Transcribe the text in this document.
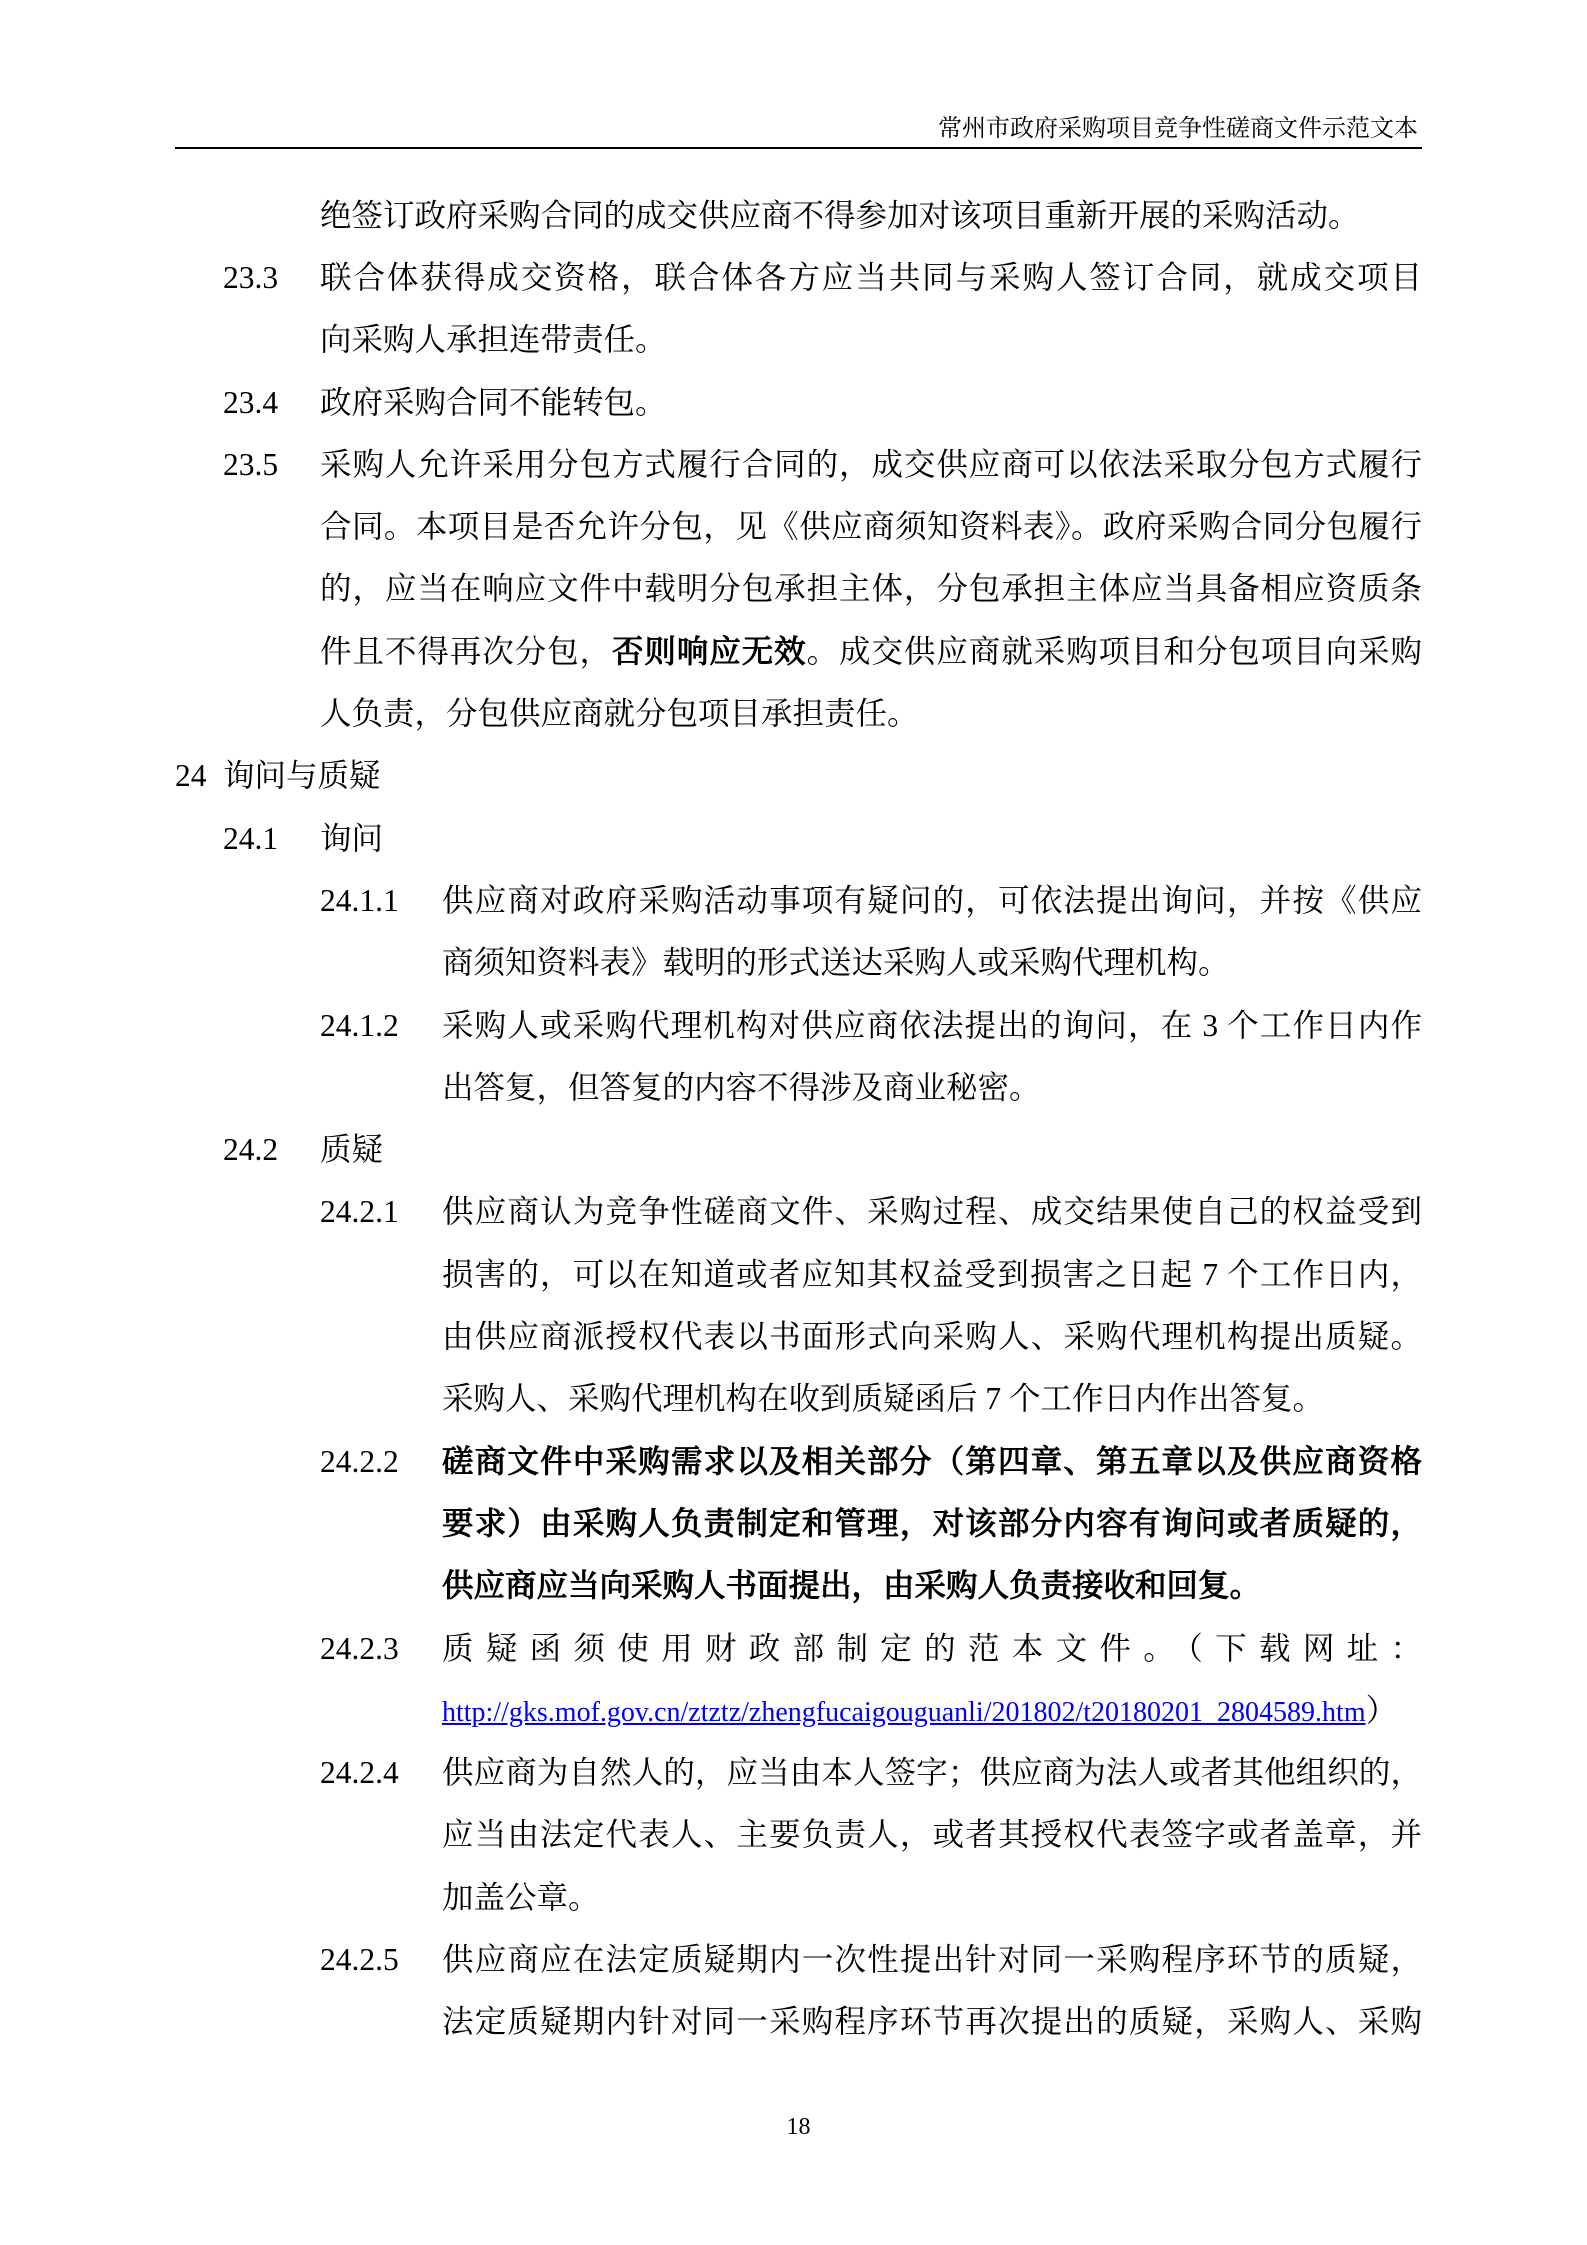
常州市政府采购项目竞争性磋商文件示范文本
绝签订政府采购合同的成交供应商不得参加对该项目重新开展的采购活动。
23.3 联合体获得成交资格，联合体各方应当共同与采购人签订合同，就成交项目
向采购人承担连带责任。
23.4 政府采购合同不能转包。
23.5 采购人允许采用分包方式履行合同的，成交供应商可以依法采取分包方式履行
合同。本项目是否允许分包，见《供应商须知资料表》。政府采购合同分包履行
的，应当在响应文件中载明分包承担主体，分包承担主体应当具备相应资质条
件且不得再次分包，否则响应无效。成交供应商就采购项目和分包项目向采购
人负责，分包供应商就分包项目承担责任。
24 询问与质疑
24.1 询问
24.1.1 供应商对政府采购活动事项有疑问的，可依法提出询问，并按《供应
商须知资料表》载明的形式送达采购人或采购代理机构。
24.1.2 采购人或采购代理机构对供应商依法提出的询问，在 3 个工作日内作
出答复，但答复的内容不得涉及商业秘密。
24.2 质疑
24.2.1 供应商认为竞争性磋商文件、采购过程、成交结果使自己的权益受到
损害的，可以在知道或者应知其权益受到损害之日起 7 个工作日内，
由供应商派授权代表以书面形式向采购人、采购代理机构提出质疑。
采购人、采购代理机构在收到质疑函后 7 个工作日内作出答复。
24.2.2 磋商文件中采购需求以及相关部分（第四章、第五章以及供应商资格
要求）由采购人负责制定和管理，对该部分内容有询问或者质疑的，
供应商应当向采购人书面提出，由采购人负责接收和回复。
24.2.3 质疑函须使用财政部制定的范本文件。（下载网址：
http://gks.mof.gov.cn/ztztz/zhengfucaigouguanli/201802/t20180201_2804589.htm）
24.2.4 供应商为自然人的，应当由本人签字；供应商为法人或者其他组织的，
应当由法定代表人、主要负责人，或者其授权代表签字或者盖章，并
加盖公章。
24.2.5 供应商应在法定质疑期内一次性提出针对同一采购程序环节的质疑，
法定质疑期内针对同一采购程序环节再次提出的质疑，采购人、采购
18
